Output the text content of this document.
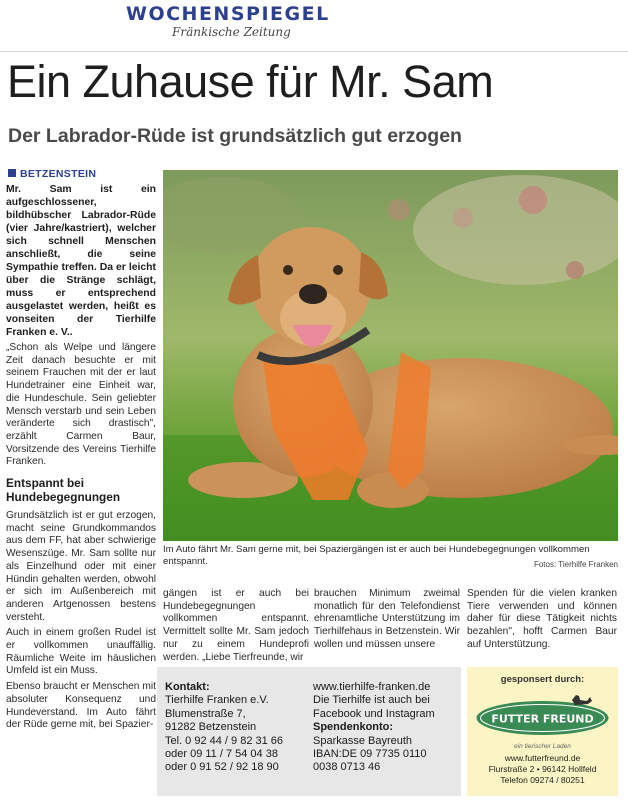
WOCHENSPIEGEL
Fränkische Zeitung
Ein Zuhause für Mr. Sam
Der Labrador-Rüde ist grundsätzlich gut erzogen
BETZENSTEIN

Mr. Sam ist ein aufgeschlossener, bildhübscher Labrador-Rüde (vier Jahre/kastriert), welcher sich schnell Menschen anschließt, die seine Sympathie treffen. Da er leicht über die Stränge schlägt, muss er entsprechend ausgelastet werden, heißt es vonseiten der Tierhilfe Franken e. V..

„Schon als Welpe und längere Zeit danach besuchte er mit seinem Frauchen mit der er laut Hundetrainer eine Einheit war, die Hundeschule. Sein geliebter Mensch verstarb und sein Leben veränderte sich drastisch", erzählt Carmen Baur, Vorsitzende des Vereins Tierhilfe Franken.

Entspannt bei Hundebegegnungen

Grundsätzlich ist er gut erzogen, macht seine Grundkommandos aus dem FF, hat aber schwierige Wesenszüge. Mr. Sam sollte nur als Einzelhund oder mit einer Hündin gehalten werden, obwohl er sich im Außenbereich mit anderen Artgenossen bestens versteht.

Auch in einem großen Rudel ist er vollkommen unauffällig. Räumliche Weite im häuslichen Umfeld ist ein Muss.

Ebenso braucht er Menschen mit absoluter Konsequenz und Hundeverstand. Im Auto fährt der Rüde gerne mit, bei Spazier-

Im Auto fährt Mr. Sam gerne mit, bei Spaziergängen ist er auch bei Hundebegegnungen vollkommen entspannt.	Fotos: Tierhilfe Franken
gängen ist er auch bei Hundebegegnungen vollkommen entspannt. Vermittelt sollte Mr. Sam jedoch nur zu einem Hundeprofi werden. „Liebe Tierfreunde, wir
brauchen Minimum zweimal monatlich für den Telefondienst ehrenamtliche Unterstützung im Tierhilfehaus in Betzenstein. Wir wollen und müssen unsere
Spenden für die vielen kranken Tiere verwenden und können daher für diese Tätigkeit nichts bezahlen", hofft Carmen Baur auf Unterstützung.
Kontakt:
Tierhilfe Franken e.V.
Blumenstraße 7,
91282 Betzenstein
Tel. 0 92 44 / 9 82 31 66
oder 09 11 / 7 54 04 38
oder 0 91 52 / 92 18 90
www.tierhilfe-franken.de
Die Tierhilfe ist auch bei
Facebook und Instagram
Spendenkonto:
Sparkasse Bayreuth
IBAN:DE 09 7735 0110
0038 0713 46
gesponsert durch:
FUTTER FREUND
ein tierischer Laden
www.futterfreund.de
Flurstraße 2 • 96142 Hollfeld
Telefon 09274 / 80251
